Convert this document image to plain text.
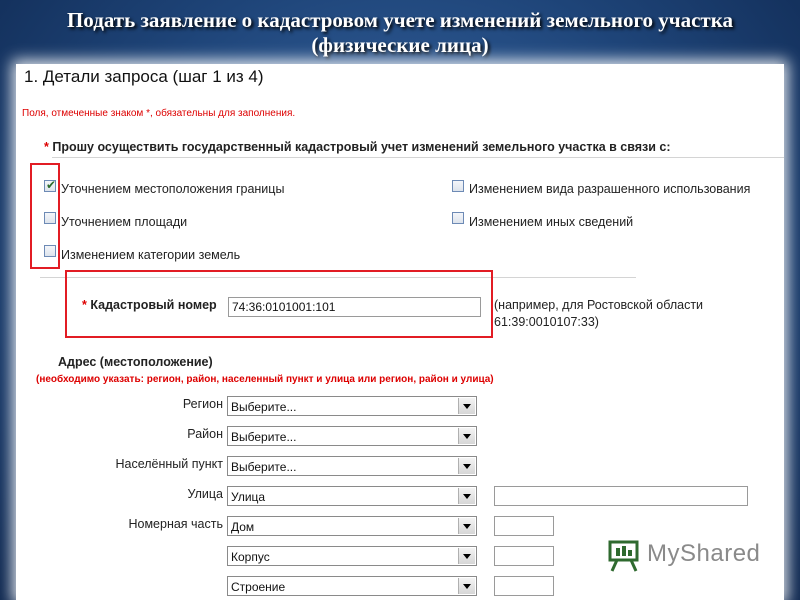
Подать заявление о кадастровом учете изменений земельного участка
(физические лица)
1. Детали запроса (шаг 1 из 4)
Поля, отмеченные знаком *, обязательны для заполнения.
* Прошу осуществить государственный кадастровый учет изменений земельного участка в связи с:
✔ Уточнением местоположения границы
Уточнением площади
Изменением категории земель
Изменением вида разрашенного использования
Изменением иных сведений
* Кадастровый номер
74:36:0101001:101	(например, для Ростовской области
61:39:0010107:33)
Адрес (местоположение)
(необходимо указать: регион, район, населенный пункт и улица или регион, район и улица)
Регион Выберите...
Район Выберите...
Населённый пункт Выберите...
Улица Улица
Номерная часть Дом
Корпус
Строение
MyShared
